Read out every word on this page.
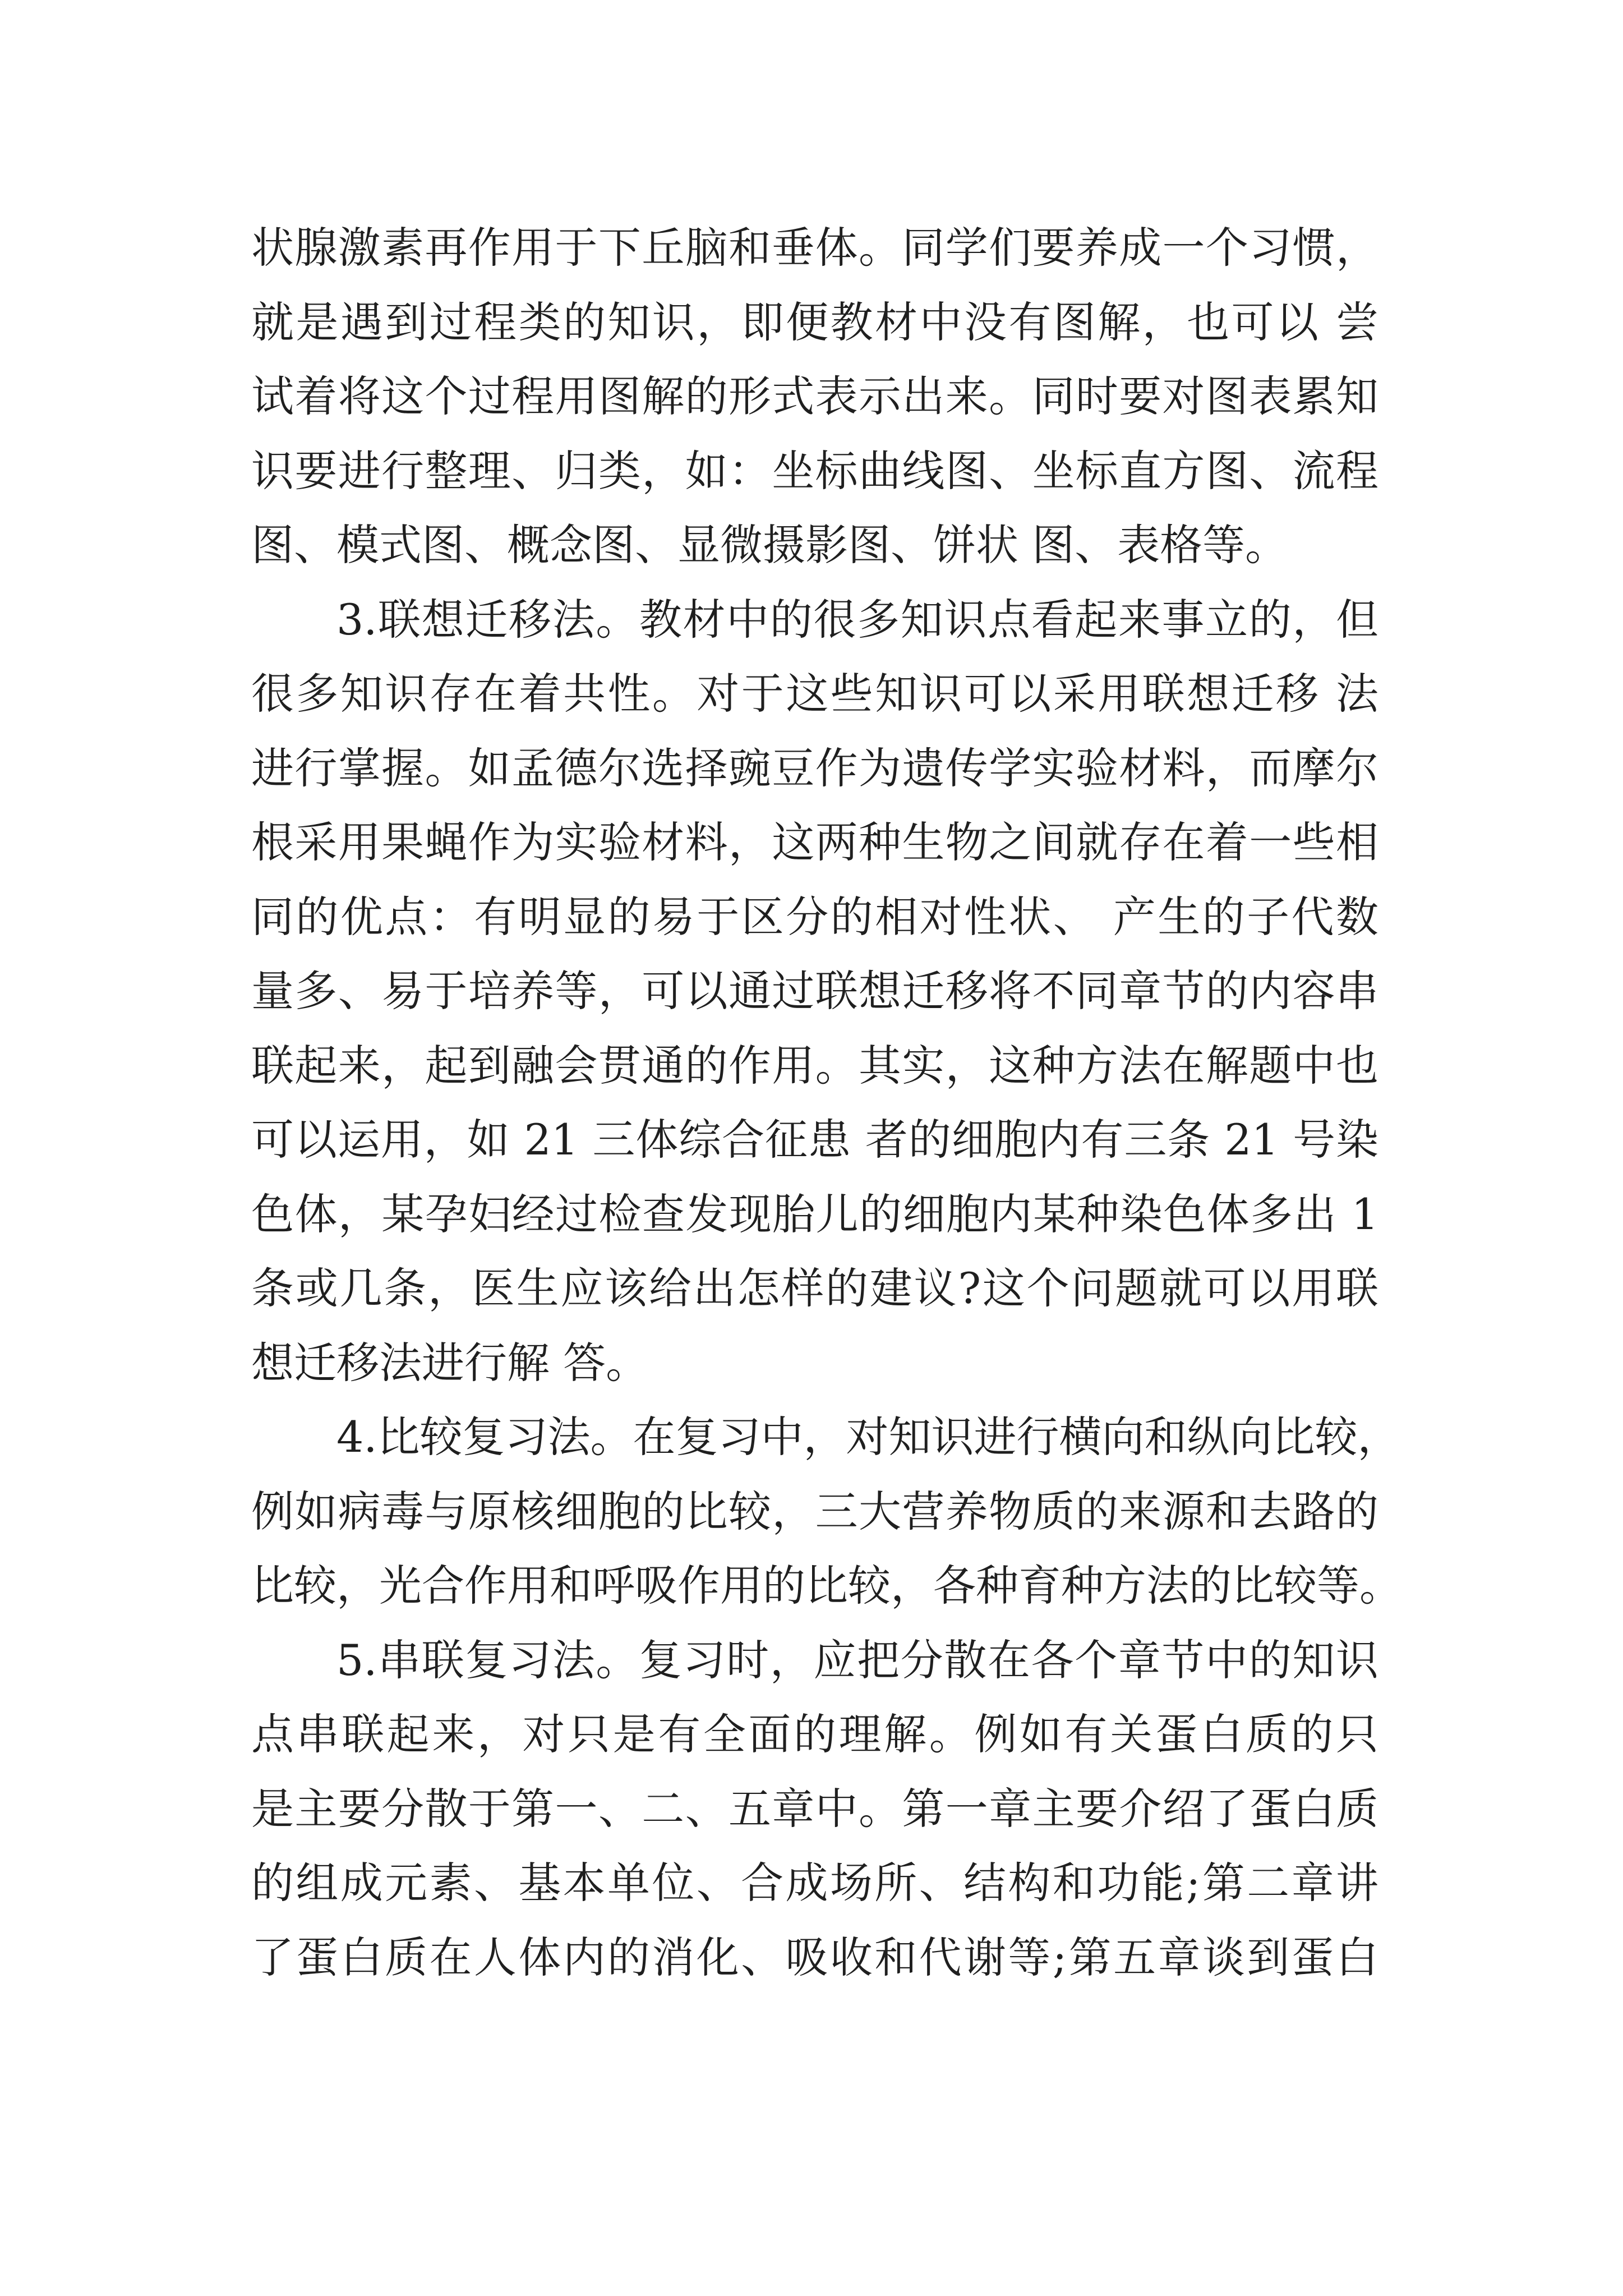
状腺激素再作用于下丘脑和垂体。同学们要养成一个习惯，
就是遇到过程类的知识，即便教材中没有图解，也可以 尝
试着将这个过程用图解的形式表示出来。同时要对图表累知
识要进行整理、归类，如：坐标曲线图、坐标直方图、流程
图、模式图、概念图、显微摄影图、饼状 图、表格等。
3.联想迁移法。教材中的很多知识点看起来事立的，但
很多知识存在着共性。对于这些知识可以采用联想迁移 法
进行掌握。如孟德尔选择豌豆作为遗传学实验材料，而摩尔
根采用果蝇作为实验材料，这两种生物之间就存在着一些相
同的优点：有明显的易于区分的相对性状、 产生的子代数
量多、易于培养等，可以通过联想迁移将不同章节的内容串
联起来，起到融会贯通的作用。其实，这种方法在解题中也
可以运用，如 21 三体综合征患 者的细胞内有三条 21 号染
色体，某孕妇经过检查发现胎儿的细胞内某种染色体多出 1
条或几条，医生应该给出怎样的建议?这个问题就可以用联
想迁移法进行解 答。
4.比较复习法。在复习中，对知识进行横向和纵向比较，
例如病毒与原核细胞的比较，三大营养物质的来源和去路的
比较，光合作用和呼吸作用的比较，各种育种方法的比较等。
5.串联复习法。复习时，应把分散在各个章节中的知识
点串联起来，对只是有全面的理解。例如有关蛋白质的只
是主要分散于第一、二、五章中。第一章主要介绍了蛋白质
的组成元素、基本单位、合成场所、结构和功能;第二章讲
了蛋白质在人体内的消化、吸收和代谢等;第五章谈到蛋白
